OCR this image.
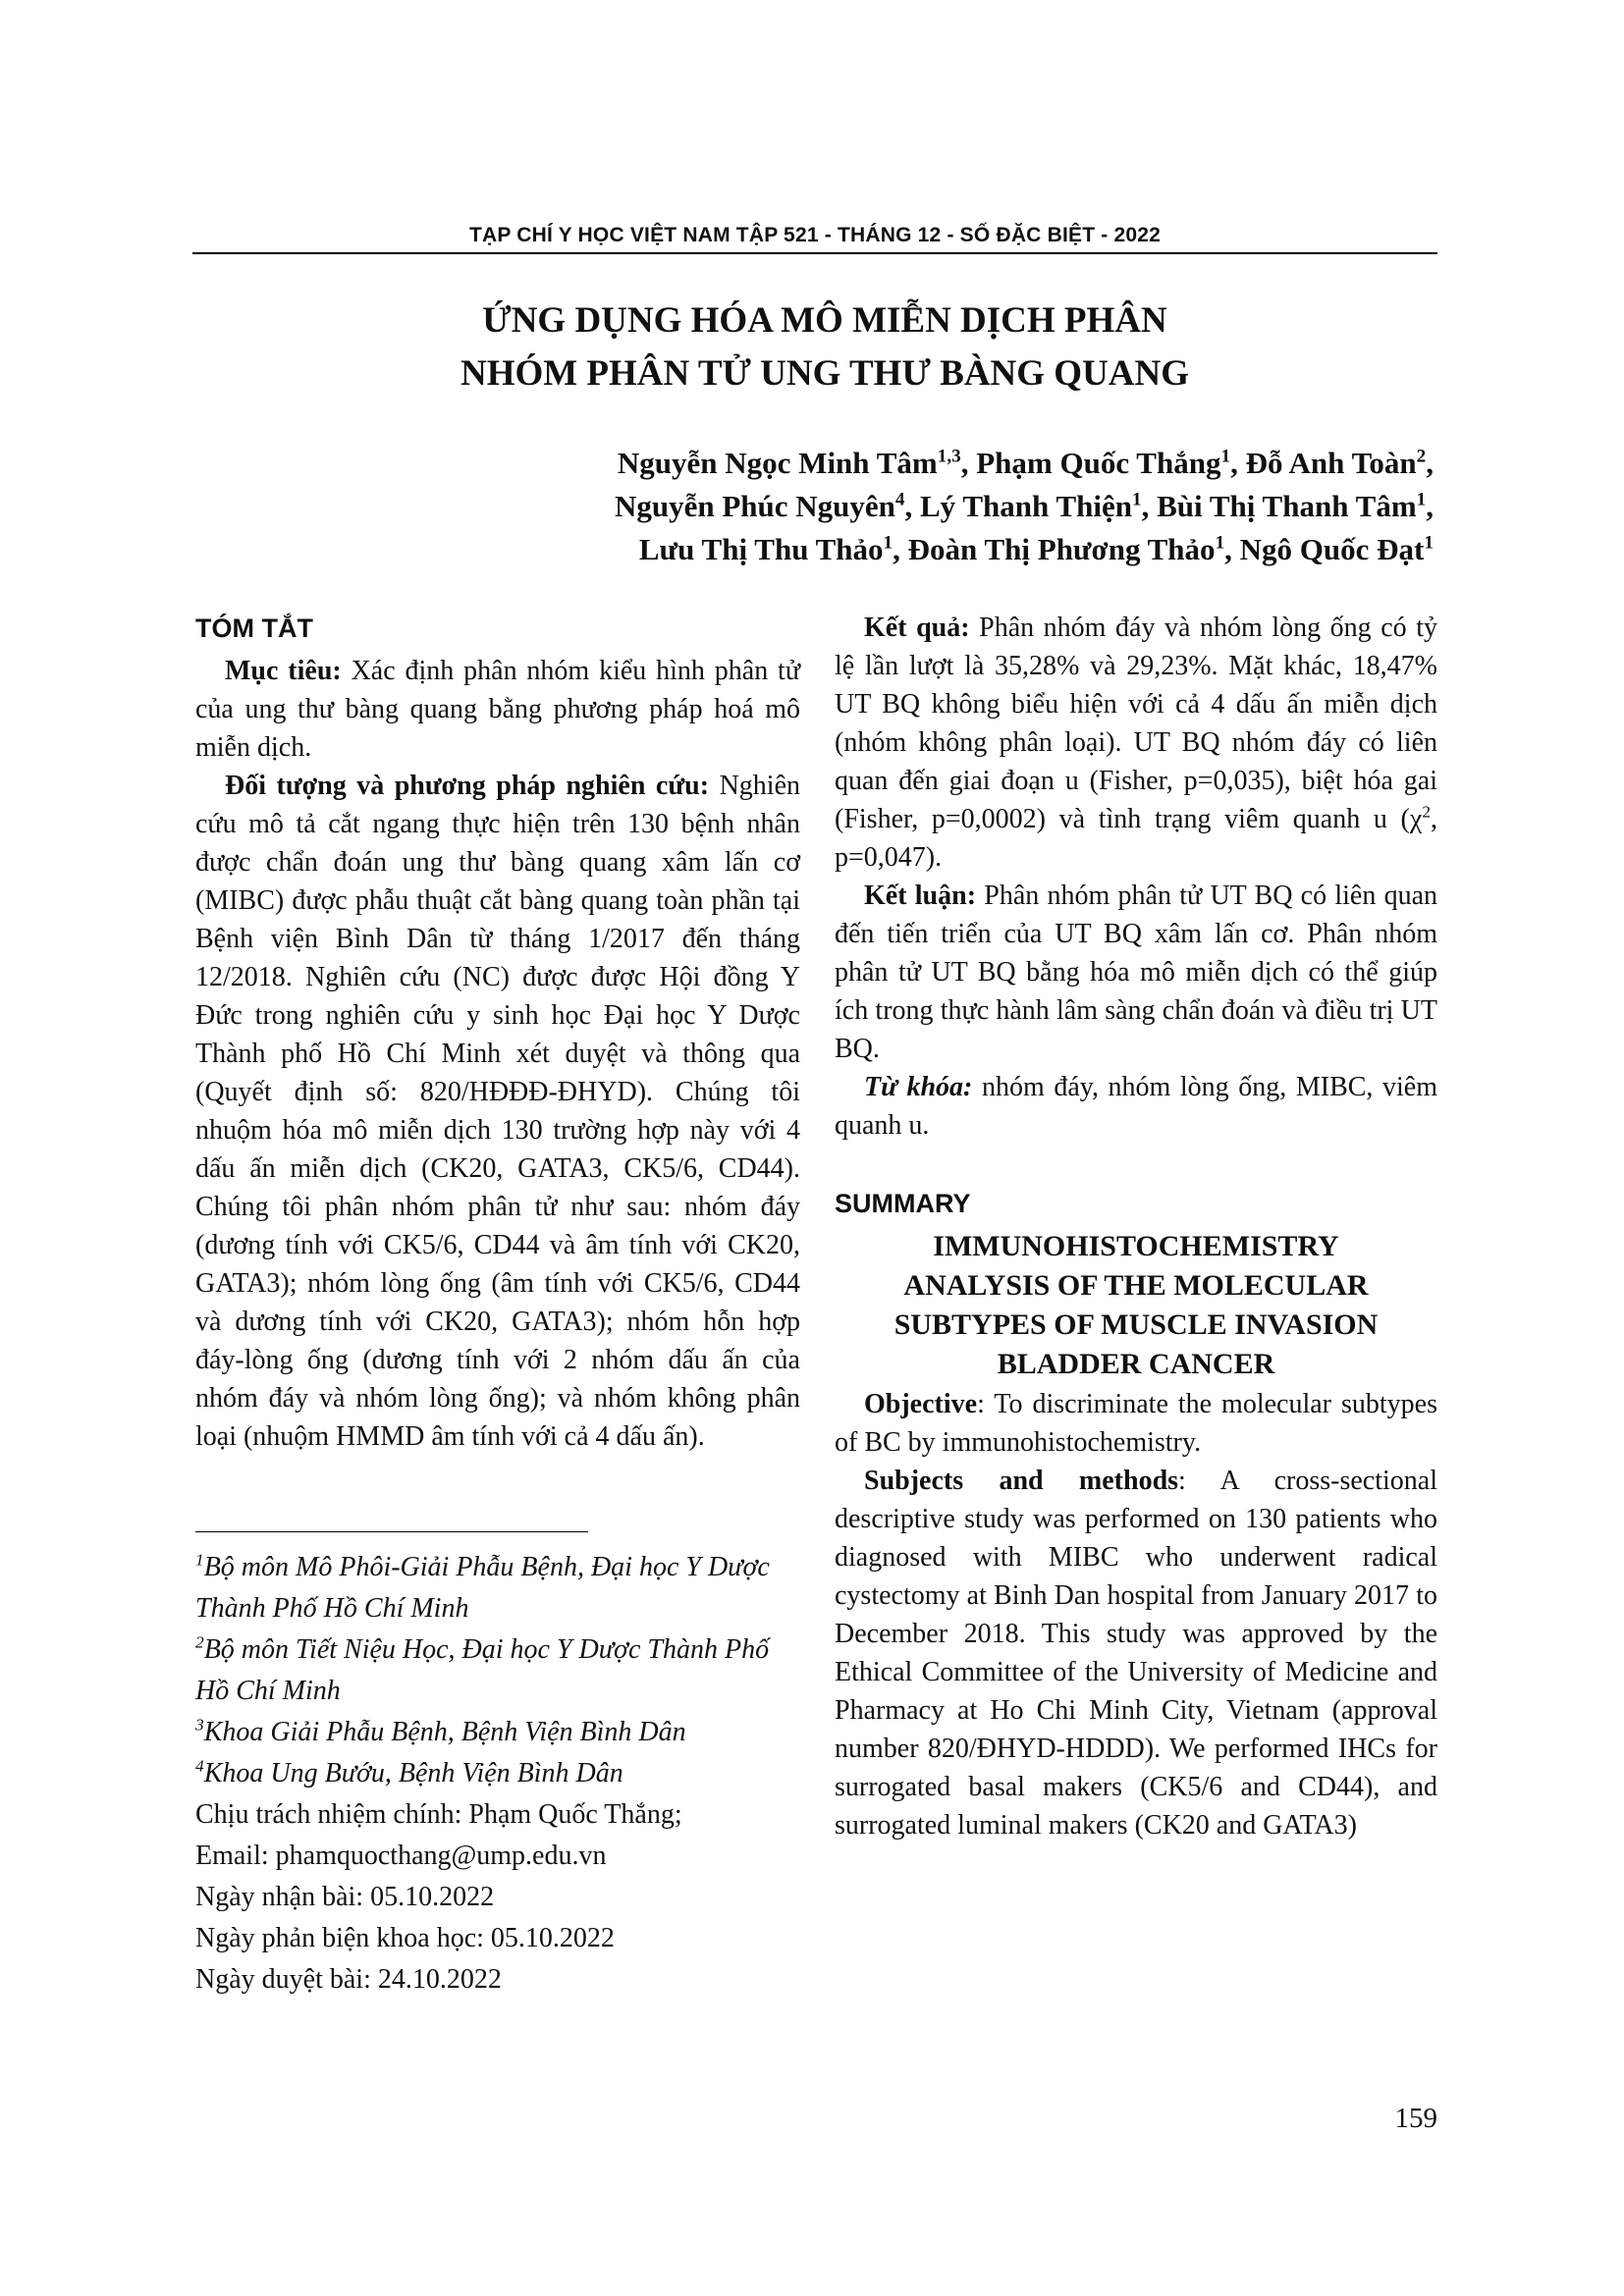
TẠP CHÍ Y HỌC VIỆT NAM TẬP 521 - THÁNG 12 - SỐ ĐẶC BIỆT - 2022
ỨNG DỤNG HÓA MÔ MIỄN DỊCH PHÂN
NHÓM PHÂN TỬ UNG THƯ BÀNG QUANG
Nguyễn Ngọc Minh Tâm$^{1,3}$, Phạm Quốc Thắng$^1$, Đỗ Anh Toàn$^2$,
Nguyễn Phúc Nguyên$^4$, Lý Thanh Thiện$^1$, Bùi Thị Thanh Tâm$^1$,
Lưu Thị Thu Thảo$^1$, Đoàn Thị Phương Thảo$^1$, Ngô Quốc Đạt$^1$
TÓM TẮT

Mục tiêu: Xác định phân nhóm kiểu hình phân tử của ung thư bàng quang bằng phương pháp hoá mô miễn dịch.

Đối tượng và phương pháp nghiên cứu: Nghiên cứu mô tả cắt ngang thực hiện trên 130 bệnh nhân được chẩn đoán ung thư bàng quang xâm lấn cơ (MIBC) được phẫu thuật cắt bàng quang toàn phần tại Bệnh viện Bình Dân từ tháng 1/2017 đến tháng 12/2018. Nghiên cứu (NC) được được Hội đồng Y Đức trong nghiên cứu y sinh học Đại học Y Dược Thành phố Hồ Chí Minh xét duyệt và thông qua (Quyết định số: 820/HĐĐĐ-ĐHYD). Chúng tôi nhuộm hóa mô miễn dịch 130 trường hợp này với 4 dấu ấn miễn dịch (CK20, GATA3, CK5/6, CD44). Chúng tôi phân nhóm phân tử như sau: nhóm đáy (dương tính với CK5/6, CD44 và âm tính với CK20, GATA3); nhóm lòng ống (âm tính với CK5/6, CD44 và dương tính với CK20, GATA3); nhóm hỗn hợp đáy-lòng ống (dương tính với 2 nhóm dấu ấn của nhóm đáy và nhóm lòng ống); và nhóm không phân loại (nhuộm HMMD âm tính với cả 4 dấu ấn).

$^1$Bộ môn Mô Phôi-Giải Phẫu Bệnh, Đại học Y Dược Thành Phố Hồ Chí Minh

$^2$Bộ môn Tiết Niệu Học, Đại học Y Dược Thành Phố Hồ Chí Minh

$^3$Khoa Giải Phẫu Bệnh, Bệnh Viện Bình Dân

$^4$Khoa Ung Bướu, Bệnh Viện Bình Dân

Chịu trách nhiệm chính: Phạm Quốc Thắng;

Email: phamquocthang@ump.edu.vn

Ngày nhận bài: 05.10.2022

Ngày phản biện khoa học: 05.10.2022

Ngày duyệt bài: 24.10.2022

Kết quả: Phân nhóm đáy và nhóm lòng ống có tỷ lệ lần lượt là 35,28% và 29,23%. Mặt khác, 18,47% UT BQ không biểu hiện với cả 4 dấu ấn miễn dịch (nhóm không phân loại). UT BQ nhóm đáy có liên quan đến giai đoạn u (Fisher, p=0,035), biệt hóa gai (Fisher, p=0,0002) và tình trạng viêm quanh u ($\chi^2$, p=0,047).

Kết luận: Phân nhóm phân tử UT BQ có liên quan đến tiến triển của UT BQ xâm lấn cơ. Phân nhóm phân tử UT BQ bằng hóa mô miễn dịch có thể giúp ích trong thực hành lâm sàng chẩn đoán và điều trị UT BQ.

Từ khóa: nhóm đáy, nhóm lòng ống, MIBC, viêm quanh u.

SUMMARY
IMMUNOHISTOCHEMISTRY
ANALYSIS OF THE MOLECULAR
SUBTYPES OF MUSCLE INVASION
BLADDER CANCER

Objective: To discriminate the molecular subtypes of BC by immunohistochemistry.

Subjects and methods: A cross-sectional descriptive study was performed on 130 patients who diagnosed with MIBC who underwent radical cystectomy at Binh Dan hospital from January 2017 to December 2018. This study was approved by the Ethical Committee of the University of Medicine and Pharmacy at Ho Chi Minh City, Vietnam (approval number 820/ĐHYD-HDDD). We performed IHCs for surrogated basal makers (CK5/6 and CD44), and surrogated luminal makers (CK20 and GATA3)

159
